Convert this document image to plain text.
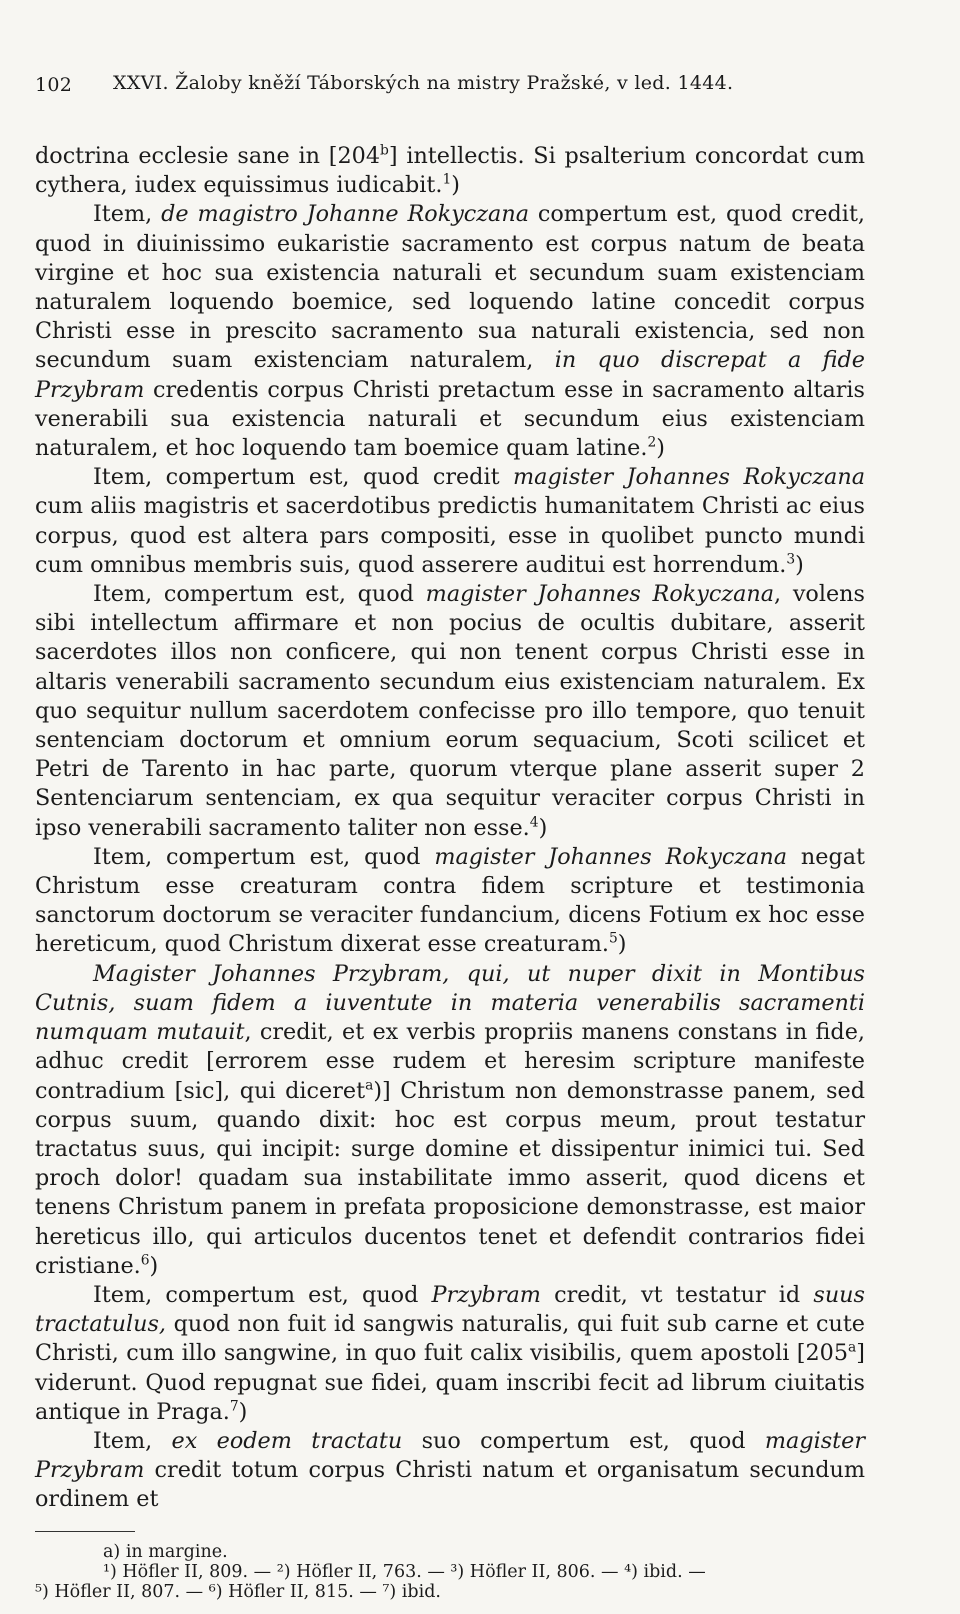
102 XXVI. Žaloby kněží Táborských na mistry Pražské, v led. 1444.

doctrina ecclesie sane in [204$^b$] intellectis. Si psalterium concordat cum cythera, iudex equissimus iudicabit.$^1$)

Item, de magistro Johanne Rokyczana compertum est, quod credit, quod in diuinissimo eukaristie sacramento est corpus natum de beata virgine et hoc sua existencia naturali et secundum suam existenciam naturalem loquendo boemice, sed loquendo latine concedit corpus Christi esse in prescito sacramento sua naturali existencia, sed non secundum suam existenciam naturalem, in quo discrepat a fide Przybram credentis corpus Christi pretactum esse in sacramento altaris venerabili sua existencia naturali et secundum eius existenciam naturalem, et hoc loquendo tam boemice quam latine.$^2$)

Item, compertum est, quod credit magister Johannes Rokyczana cum aliis magistris et sacerdotibus predictis humanitatem Christi ac eius corpus, quod est altera pars compositi, esse in quolibet puncto mundi cum omnibus membris suis, quod asserere auditui est horrendum.$^3$)

Item, compertum est, quod magister Johannes Rokyczana, volens sibi intellectum affirmare et non pocius de ocultis dubitare, asserit sacerdotes illos non conficere, qui non tenent corpus Christi esse in altaris venerabili sacramento secundum eius existenciam naturalem. Ex quo sequitur nullum sacerdotem confecisse pro illo tempore, quo tenuit sentenciam doctorum et omnium eorum sequacium, Scoti scilicet et Petri de Tarento in hac parte, quorum vterque plane asserit super 2 Sentenciarum sentenciam, ex qua sequitur veraciter corpus Christi in ipso venerabili sacramento taliter non esse.$^4$)

Item, compertum est, quod magister Johannes Rokyczana negat Christum esse creaturam contra fidem scripture et testimonia sanctorum doctorum se veraciter fundancium, dicens Fotium ex hoc esse hereticum, quod Christum dixerat esse creaturam.$^5$)

Magister Johannes Przybram, qui, ut nuper dixit in Montibus Cutnis, suam fidem a iuventute in materia venerabilis sacramenti numquam mutauit, credit, et ex verbis propriis manens constans in fide, adhuc credit [errorem esse rudem et heresim scripture manifeste contradium [sic], qui diceret$^a$)] Christum non demonstrasse panem, sed corpus suum, quando dixit: hoc est corpus meum, prout testatur tractatus suus, qui incipit: surge domine et dissipentur inimici tui. Sed proch dolor! quadam sua instabilitate immo asserit, quod dicens et tenens Christum panem in prefata proposicione demonstrasse, est maior hereticus illo, qui articulos ducentos tenet et defendit contrarios fidei cristiane.$^6$)

Item, compertum est, quod Przybram credit, vt testatur id suus tractatulus, quod non fuit id sangwis naturalis, qui fuit sub carne et cute Christi, cum illo sangwine, in quo fuit calix visibilis, quem apostoli [205$^a$] viderunt. Quod repugnat sue fidei, quam inscribi fecit ad librum ciuitatis antique in Praga.$^7$)

Item, ex eodem tractatu suo compertum est, quod magister Przybram credit totum corpus Christi natum et organisatum secundum ordinem et

a) in margine.
¹) Höfler II, 809. — ²) Höfler II, 763. — ³) Höfler II, 806. — ⁴) ibid. —
⁵) Höfler II, 807. — ⁶) Höfler II, 815. — ⁷) ibid.
